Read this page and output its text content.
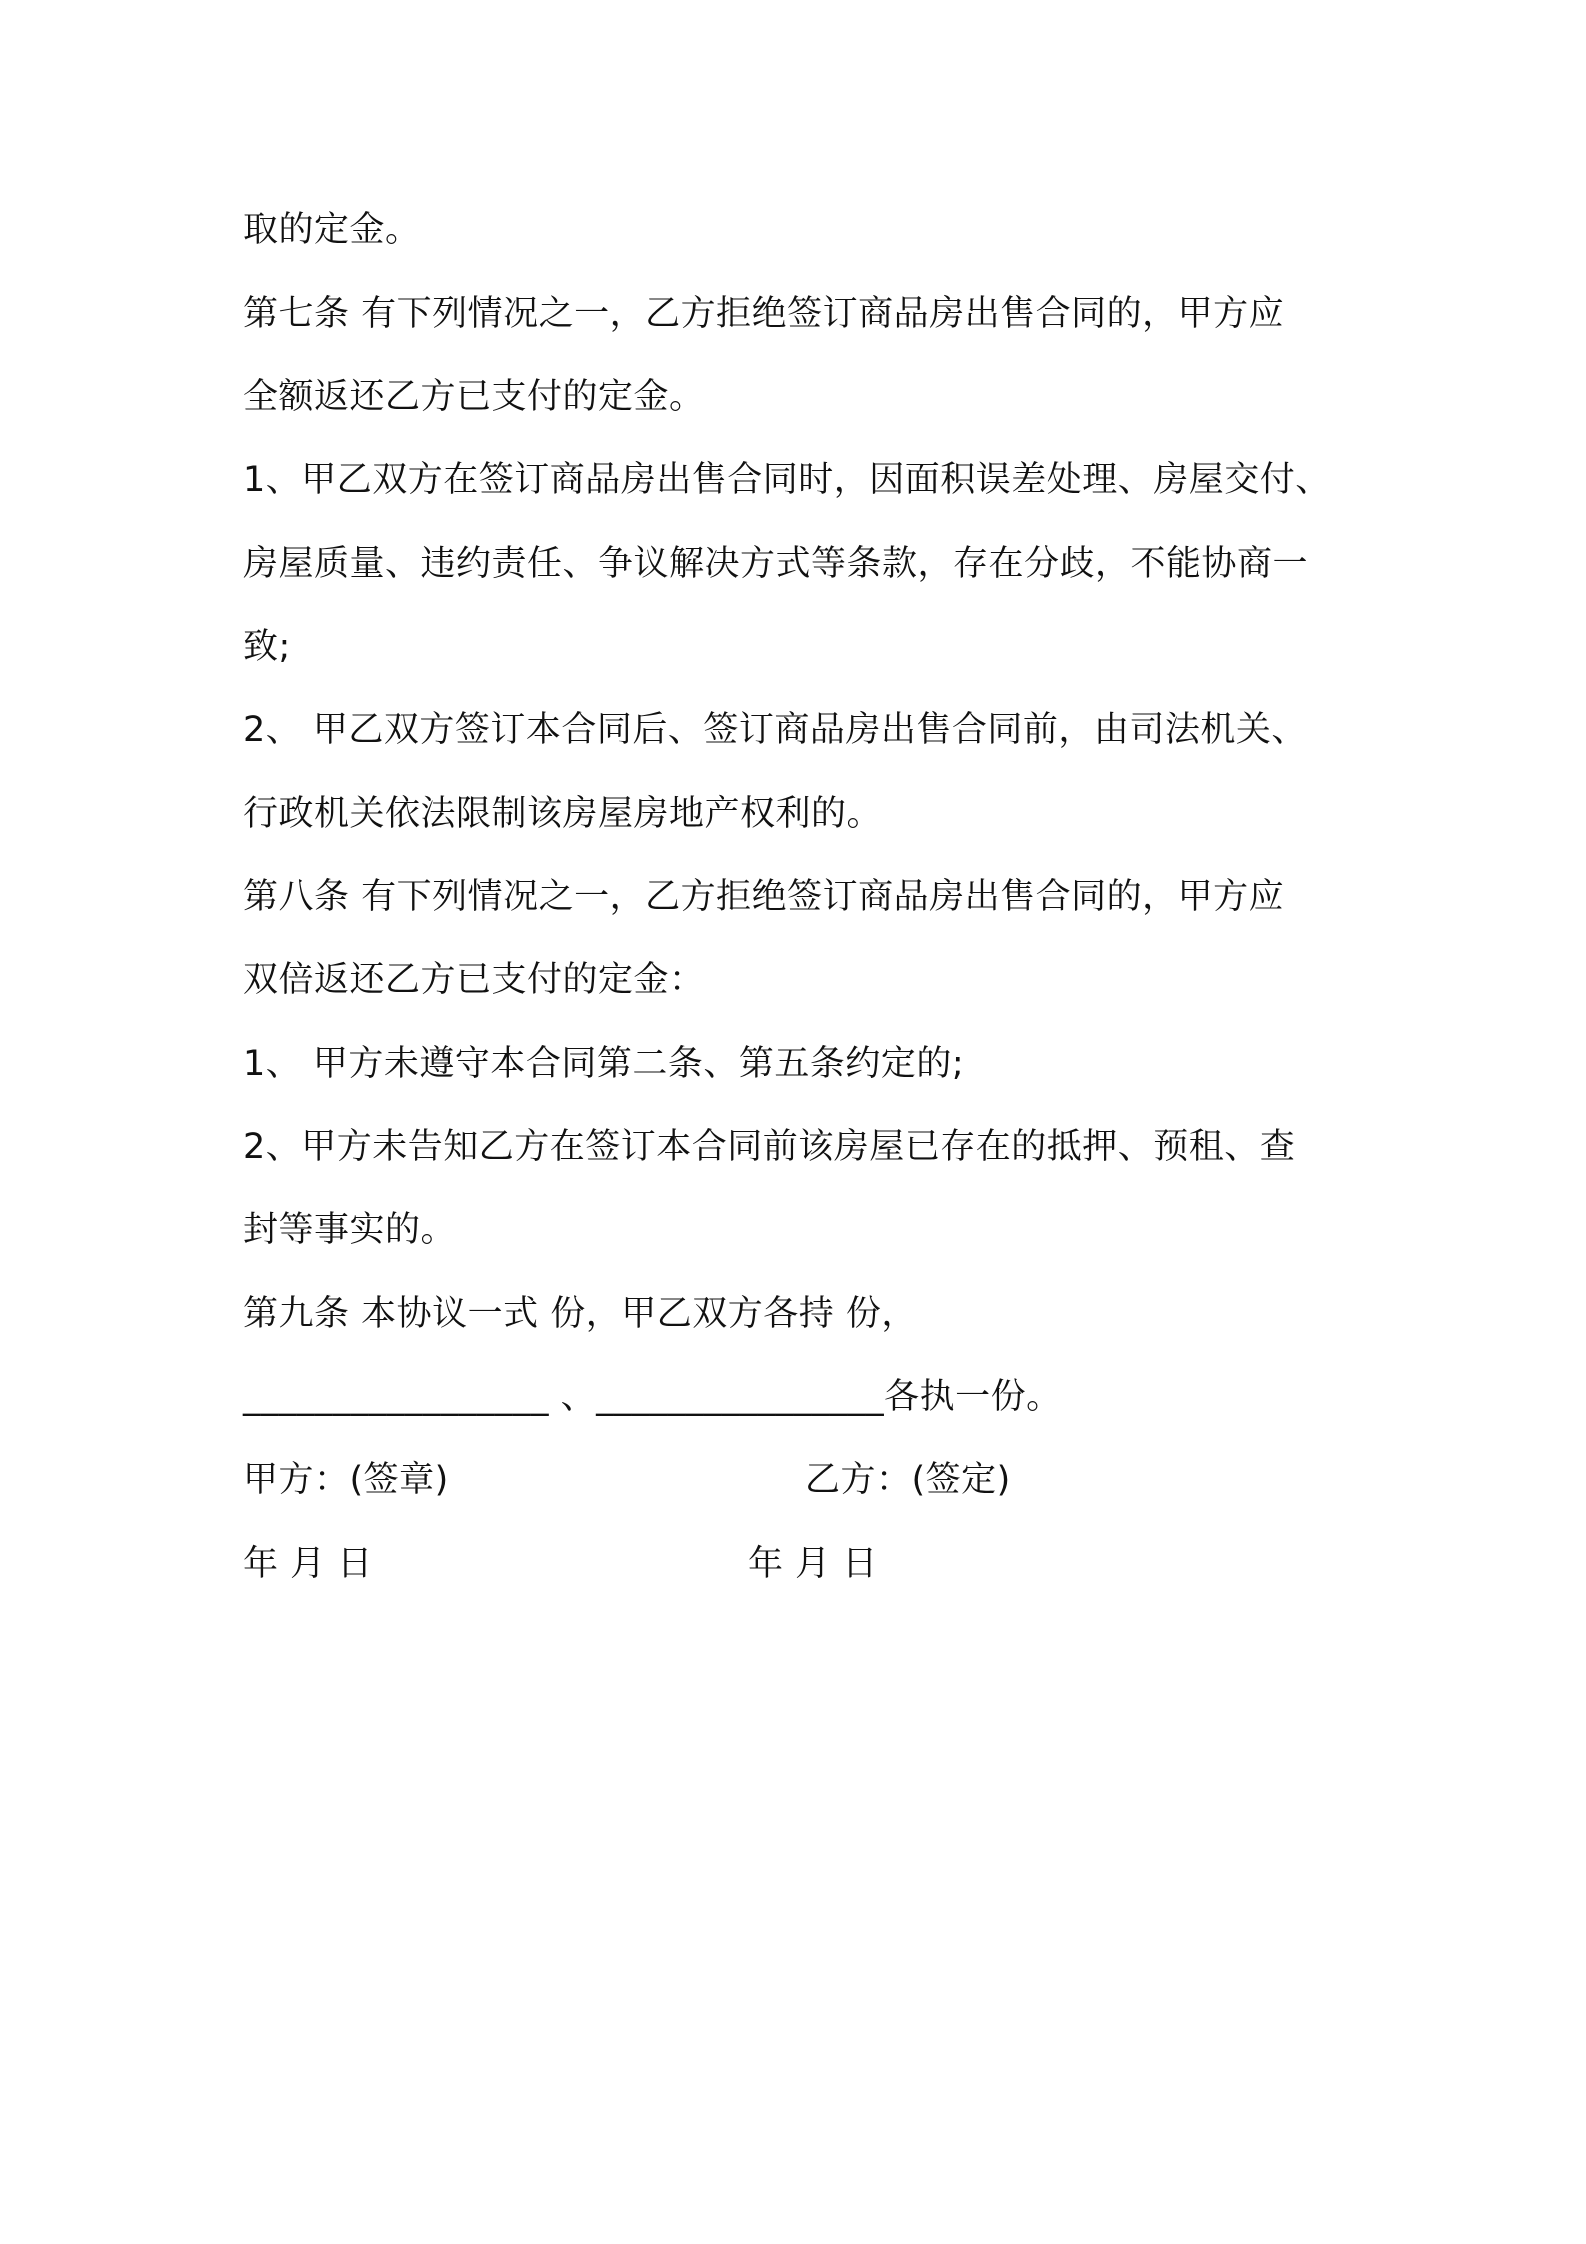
取的定金。
第七条 有下列情况之一，乙方拒绝签订商品房出售合同的，甲方应
全额返还乙方已支付的定金。
1、甲乙双方在签订商品房出售合同时，因面积误差处理、房屋交付、
房屋质量、违约责任、争议解决方式等条款，存在分歧，不能协商一
致;
2、 甲乙双方签订本合同后、签订商品房出售合同前，由司法机关、
行政机关依法限制该房屋房地产权利的。
第八条 有下列情况之一，乙方拒绝签订商品房出售合同的，甲方应
双倍返还乙方已支付的定金：
1、 甲方未遵守本合同第二条、第五条约定的;
2、甲方未告知乙方在签订本合同前该房屋已存在的抵押、预租、查
封等事实的。
第九条 本协议一式 份，甲乙双方各持 份，
_________________ 、________________各执一份。
甲方：(签章)	乙方：(签定)
年 月 日	年 月 日
